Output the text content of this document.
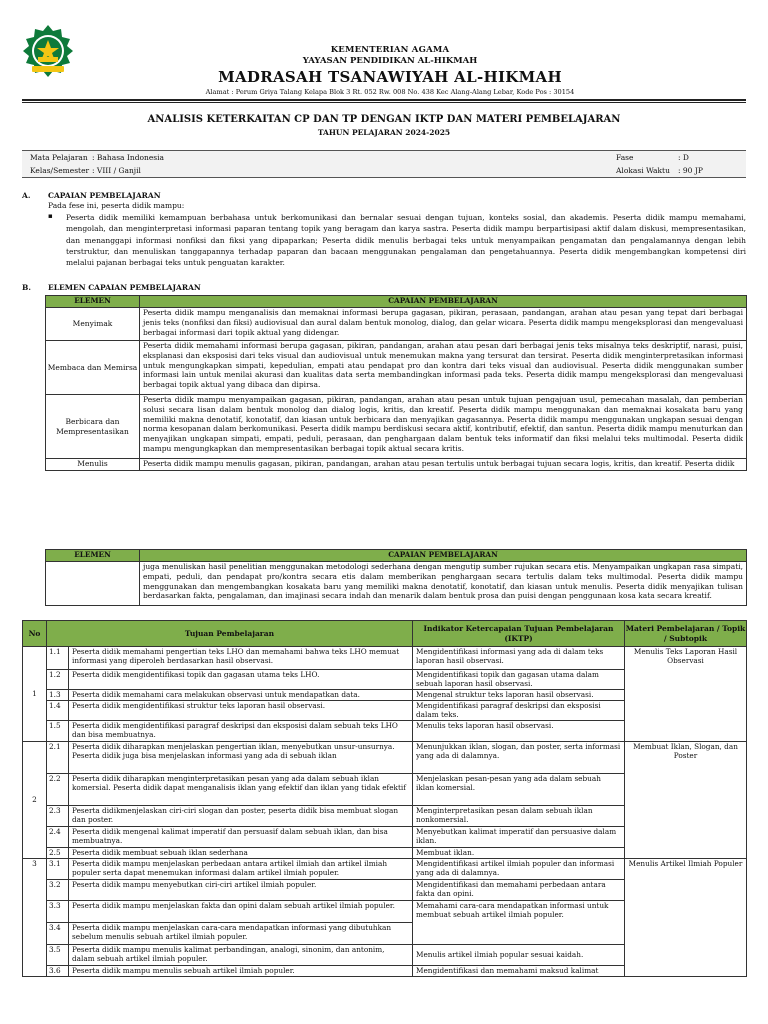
KEMENTERIAN AGAMA
YAYASAN PENDIDIKAN AL-HIKMAH
MADRASAH TSANAWIYAH AL-HIKMAH
Alamat : Perum Griya Talang Kelapa Blok 3 Rt. 052 Rw. 008 No. 438 Kec Alang-Alang Lebar, Kode Pos : 30154
ANALISIS KETERKAITAN CP DAN TP DENGAN IKTP DAN MATERI PEMBELAJARAN
TAHUN PELAJARAN 2024-2025
Mata Pelajaran : Bahasa Indonesia	Fase	: D
Kelas/Semester : VIII / Ganjil	Alokasi Waktu : 90 JP
A. CAPAIAN PEMBELAJARAN
Pada fese ini, peserta didik mampu:
▪ Peserta didik memiliki kemampuan berbahasa untuk berkomunikasi dan bernalar sesuai dengan tujuan, konteks sosial, dan akademis. Peserta didik mampu memahami, mengolah, dan menginterpretasi informasi paparan tentang topik yang beragam dan karya sastra. Peserta didik mampu berpartisipasi aktif dalam diskusi, mempresentasikan, dan menanggapi informasi nonfiksi dan fiksi yang dipaparkan; Peserta didik menulis berbagai teks untuk menyampaikan pengamatan dan pengalamannya dengan lebih terstruktur, dan menuliskan tanggapannya terhadap paparan dan bacaan menggunakan pengalaman dan pengetahuannya. Peserta didik mengembangkan kompetensi diri melalui pajanan berbagai teks untuk penguatan karakter.
B. ELEMEN CAPAIAN PEMBELAJARAN
ELEMEN	CAPAIAN PEMBELAJARAN
Menyimak	Peserta didik mampu menganalisis dan memaknai informasi berupa gagasan, pikiran, perasaan, pandangan, arahan atau pesan yang tepat dari berbagai jenis teks (nonfiksi dan fiksi) audiovisual dan aural dalam bentuk monolog, dialog, dan gelar wicara. Peserta didik mampu mengeksplorasi dan mengevaluasi berbagai informasi dari topik aktual yang didengar.
Membaca dan Memirsa	Peserta didik memahami informasi berupa gagasan, pikiran, pandangan, arahan atau pesan dari berbagai jenis teks misalnya teks deskriptif, narasi, puisi, eksplanasi dan eksposisi dari teks visual dan audiovisual untuk menemukan makna yang tersurat dan tersirat. Peserta didik menginterpretasikan informasi untuk mengungkapkan simpati, kepedulian, empati atau pendapat pro dan kontra dari teks visual dan audiovisual. Peserta didik menggunakan sumber informasi lain untuk menilai akurasi dan kualitas data serta membandingkan informasi pada teks. Peserta didik mampu mengeksplorasi dan mengevaluasi berbagai topik aktual yang dibaca dan dipirsa.
Berbicara dan Mempresentasikan	Peserta didik mampu menyampaikan gagasan, pikiran, pandangan, arahan atau pesan untuk tujuan pengajuan usul, pemecahan masalah, dan pemberian solusi secara lisan dalam bentuk monolog dan dialog logis, kritis, dan kreatif. Peserta didik mampu menggunakan dan memaknai kosakata baru yang memiliki makna denotatif, konotatif, dan kiasan untuk berbicara dan menyajikan gagasannya. Peserta didik mampu menggunakan ungkapan sesuai dengan norma kesopanan dalam berkomunikasi. Peserta didik mampu berdiskusi secara aktif, kontributif, efektif, dan santun. Peserta didik mampu menuturkan dan menyajikan ungkapan simpati, empati, peduli, perasaan, dan penghargaan dalam bentuk teks informatif dan fiksi melalui teks multimodal. Peserta didik mampu mengungkapkan dan mempresentasikan berbagai topik aktual secara kritis.
Menulis	Peserta didik mampu menulis gagasan, pikiran, pandangan, arahan atau pesan tertulis untuk berbagai tujuan secara logis, kritis, dan kreatif. Peserta didik
ELEMEN	CAPAIAN PEMBELAJARAN
	juga menuliskan hasil penelitian menggunakan metodologi sederhana dengan mengutip sumber rujukan secara etis. Menyampaikan ungkapan rasa simpati, empati, peduli, dan pendapat pro/kontra secara etis dalam memberikan penghargaan secara tertulis dalam teks multimodal. Peserta didik mampu menggunakan dan mengembangkan kosakata baru yang memiliki makna denotatif, konotatif, dan kiasan untuk menulis. Peserta didik menyajikan tulisan berdasarkan fakta, pengalaman, dan imajinasi secara indah dan menarik dalam bentuk prosa dan puisi dengan penggunaan kosa kata secara kreatif.
No	Tujuan Pembelajaran		Indikator Ketercapaian Tujuan Pembelajaran (IKTP)	Materi Pembelajaran / Topik / Subtopik
1	1.1	Peserta didik memahami pengertian teks LHO dan memahami bahwa teks LHO memuat informasi yang diperoleh berdasarkan hasil observasi.	Mengidentifikasi informasi yang ada di dalam teks laporan hasil observasi.	Menulis Teks Laporan Hasil Observasi
	1.2	Peserta didik mengidentifikasi topik dan gagasan utama teks LHO.	Mengidentifikasi topik dan gagasan utama dalam sebuah laporan hasil observasi.	
	1.3	Peserta didik memahami cara melakukan observasi untuk mendapatkan data.	Mengenal struktur teks laporan hasil observasi.	
	1.4	Peserta didik mengidentifikasi struktur teks laporan hasil observasi.	Mengidentifikasi paragraf deskripsi dan eksposisi dalam teks.	
	1.5	Peserta didik mengidentifikasi paragraf deskripsi dan eksposisi dalam sebuah teks LHO dan bisa membuatnya.	Menulis teks laporan hasil observasi.	
2	2.1	Peserta didik diharapkan menjelaskan pengertian iklan, menyebutkan unsur-unsurnya. Peserta didik juga bisa menjelaskan informasi yang ada di sebuah iklan	Menunjukkan iklan, slogan, dan poster, serta informasi yang ada di dalamnya.	Membuat Iklan, Slogan, dan Poster
	2.2	Peserta didik diharapkan menginterpretasikan pesan yang ada dalam sebuah iklan komersial. Peserta didik dapat menganalisis iklan yang efektif dan iklan yang tidak efektif	Menjelaskan pesan-pesan yang ada dalam sebuah iklan komersial.	
	2.3	Peserta didikmenjelaskan ciri-ciri slogan dan poster, peserta didik bisa membuat slogan dan poster.	Menginterpretasikan pesan dalam sebuah iklan nonkomersial.	
	2.4	Peserta didik mengenal kalimat imperatif dan persuasif dalam sebuah iklan, dan bisa membuatnya.	Menyebutkan kalimat imperatif dan persuasive dalam iklan.	
	2.5	Peserta didik membuat sebuah iklan sederhana	Membuat iklan.	
3	3.1	Peserta didik mampu menjelaskan perbedaan antara artikel ilmiah dan artikel ilmiah populer serta dapat menemukan informasi dalam artikel ilmiah populer.	Mengidentifikasi artikel ilmiah populer dan informasi yang ada di dalamnya.	Menulis Artikel Ilmiah Populer
	3.2	Peserta didik mampu menyebutkan ciri-ciri artikel ilmiah populer.	Mengidentifikasi dan memahami perbedaan antara fakta dan opini.	
	3.3	Peserta didik mampu menjelaskan fakta dan opini dalam sebuah artikel ilmiah populer.	Memahami cara-cara mendapatkan informasi untuk membuat sebuah artikel ilmiah populer.	
	3.4	Peserta didik mampu menjelaskan cara-cara mendapatkan informasi yang dibutuhkan sebelum menulis sebuah artikel ilmiah populer.		
	3.5	Peserta didik mampu menulis kalimat perbandingan, analogi, sinonim, dan antonim, dalam sebuah artikel ilmiah populer.	Menulis artikel ilmiah popular sesuai kaidah.	
	3.6	Peserta didik mampu menulis sebuah artikel ilmiah populer.	Mengidentifikasi dan memahami maksud kalimat	
